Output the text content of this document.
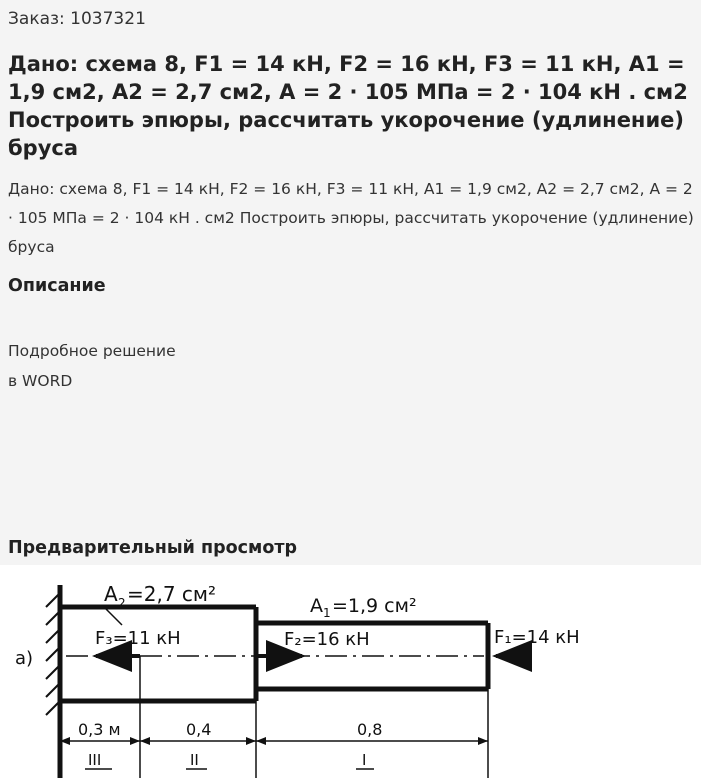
Заказ: 1037321
Дано: схема 8, F1 = 14 кН, F2 = 16 кН, F3 = 11 кН, A1 = 1,9 см2, A2 = 2,7 см2, А = 2 · 105 МПа = 2 · 104 кН . см2 Построить эпюры, рассчитать укорочение (удлинение) бруса
Дано: схема 8, F1 = 14 кН, F2 = 16 кН, F3 = 11 кН, A1 = 1,9 см2, A2 = 2,7 см2, А = 2 · 105 МПа = 2 · 104 кН . см2 Построить эпюры, рассчитать укорочение (удлинение) бруса
Описание
Подробное решение
в WORD
Предварительный просмотр
a)
A 2 =2,7 см²	A 1 =1,9 см²
F₃=11 кН	F₂=16 кН	F₁=14 кН
0,3 м	0,4	0,8
III	II	I
